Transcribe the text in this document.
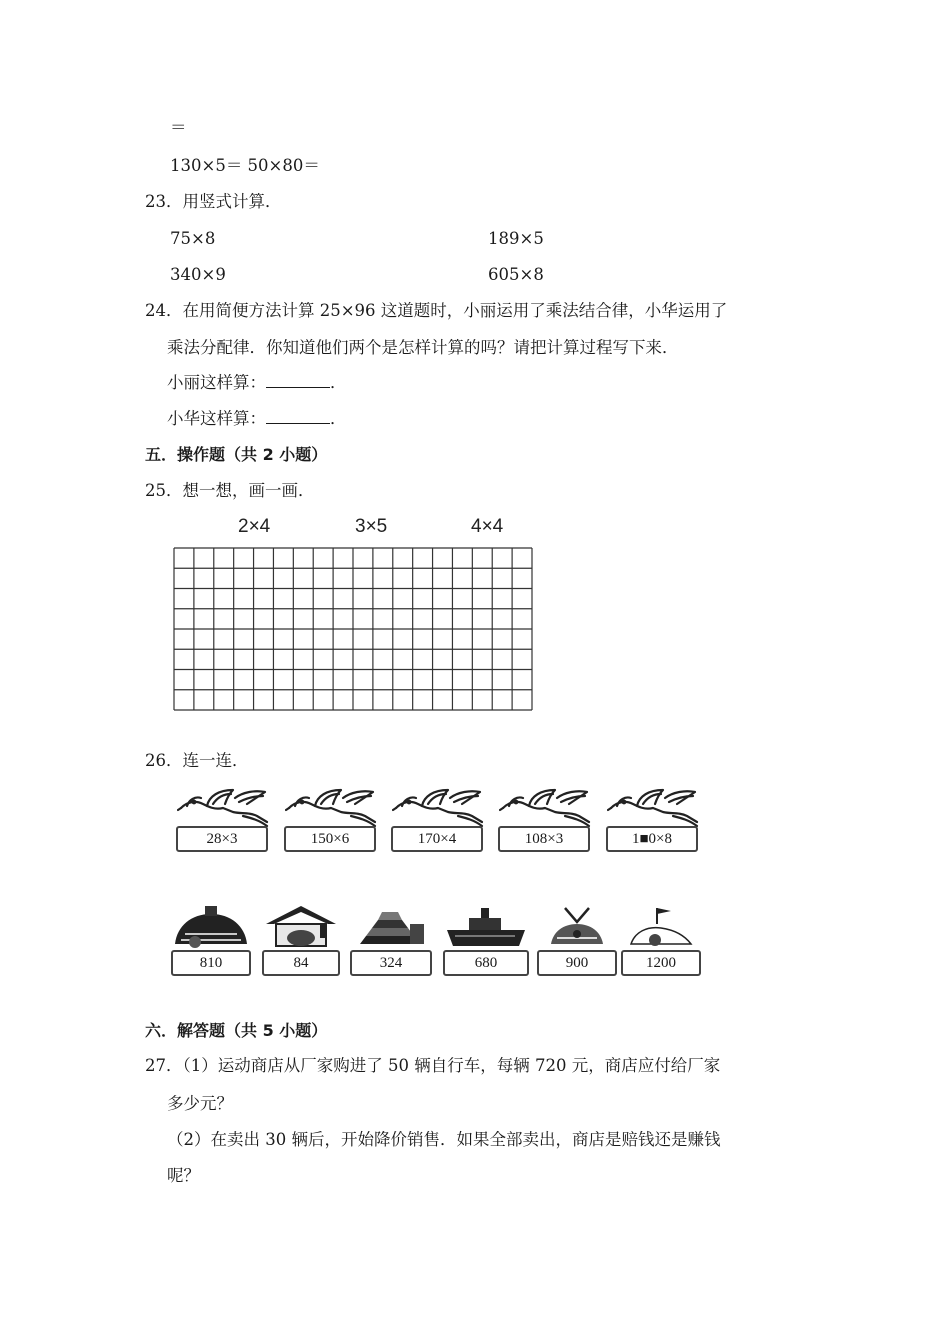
＝
130×5＝ 50×80＝
23．用竖式计算．
75×8	189×5
340×9	605×8
24．在用简便方法计算 25×96 这道题时，小丽运用了乘法结合律，小华运用了
乘法分配律．你知道他们两个是怎样计算的吗？请把计算过程写下来．
小丽这样算：	．
小华这样算：	．
五．操作题（共 2 小题）
25．想一想，画一画．
2×4	3×5	4×4
26．连一连．
28×3	150×6	170×4	108×3	1■0×8
810	84	324	680	900	1200
六．解答题（共 5 小题）
27．（1）运动商店从厂家购进了 50 辆自行车，每辆 720 元，商店应付给厂家
多少元？
（2）在卖出 30 辆后，开始降价销售．如果全部卖出，商店是赔钱还是赚钱
呢？
